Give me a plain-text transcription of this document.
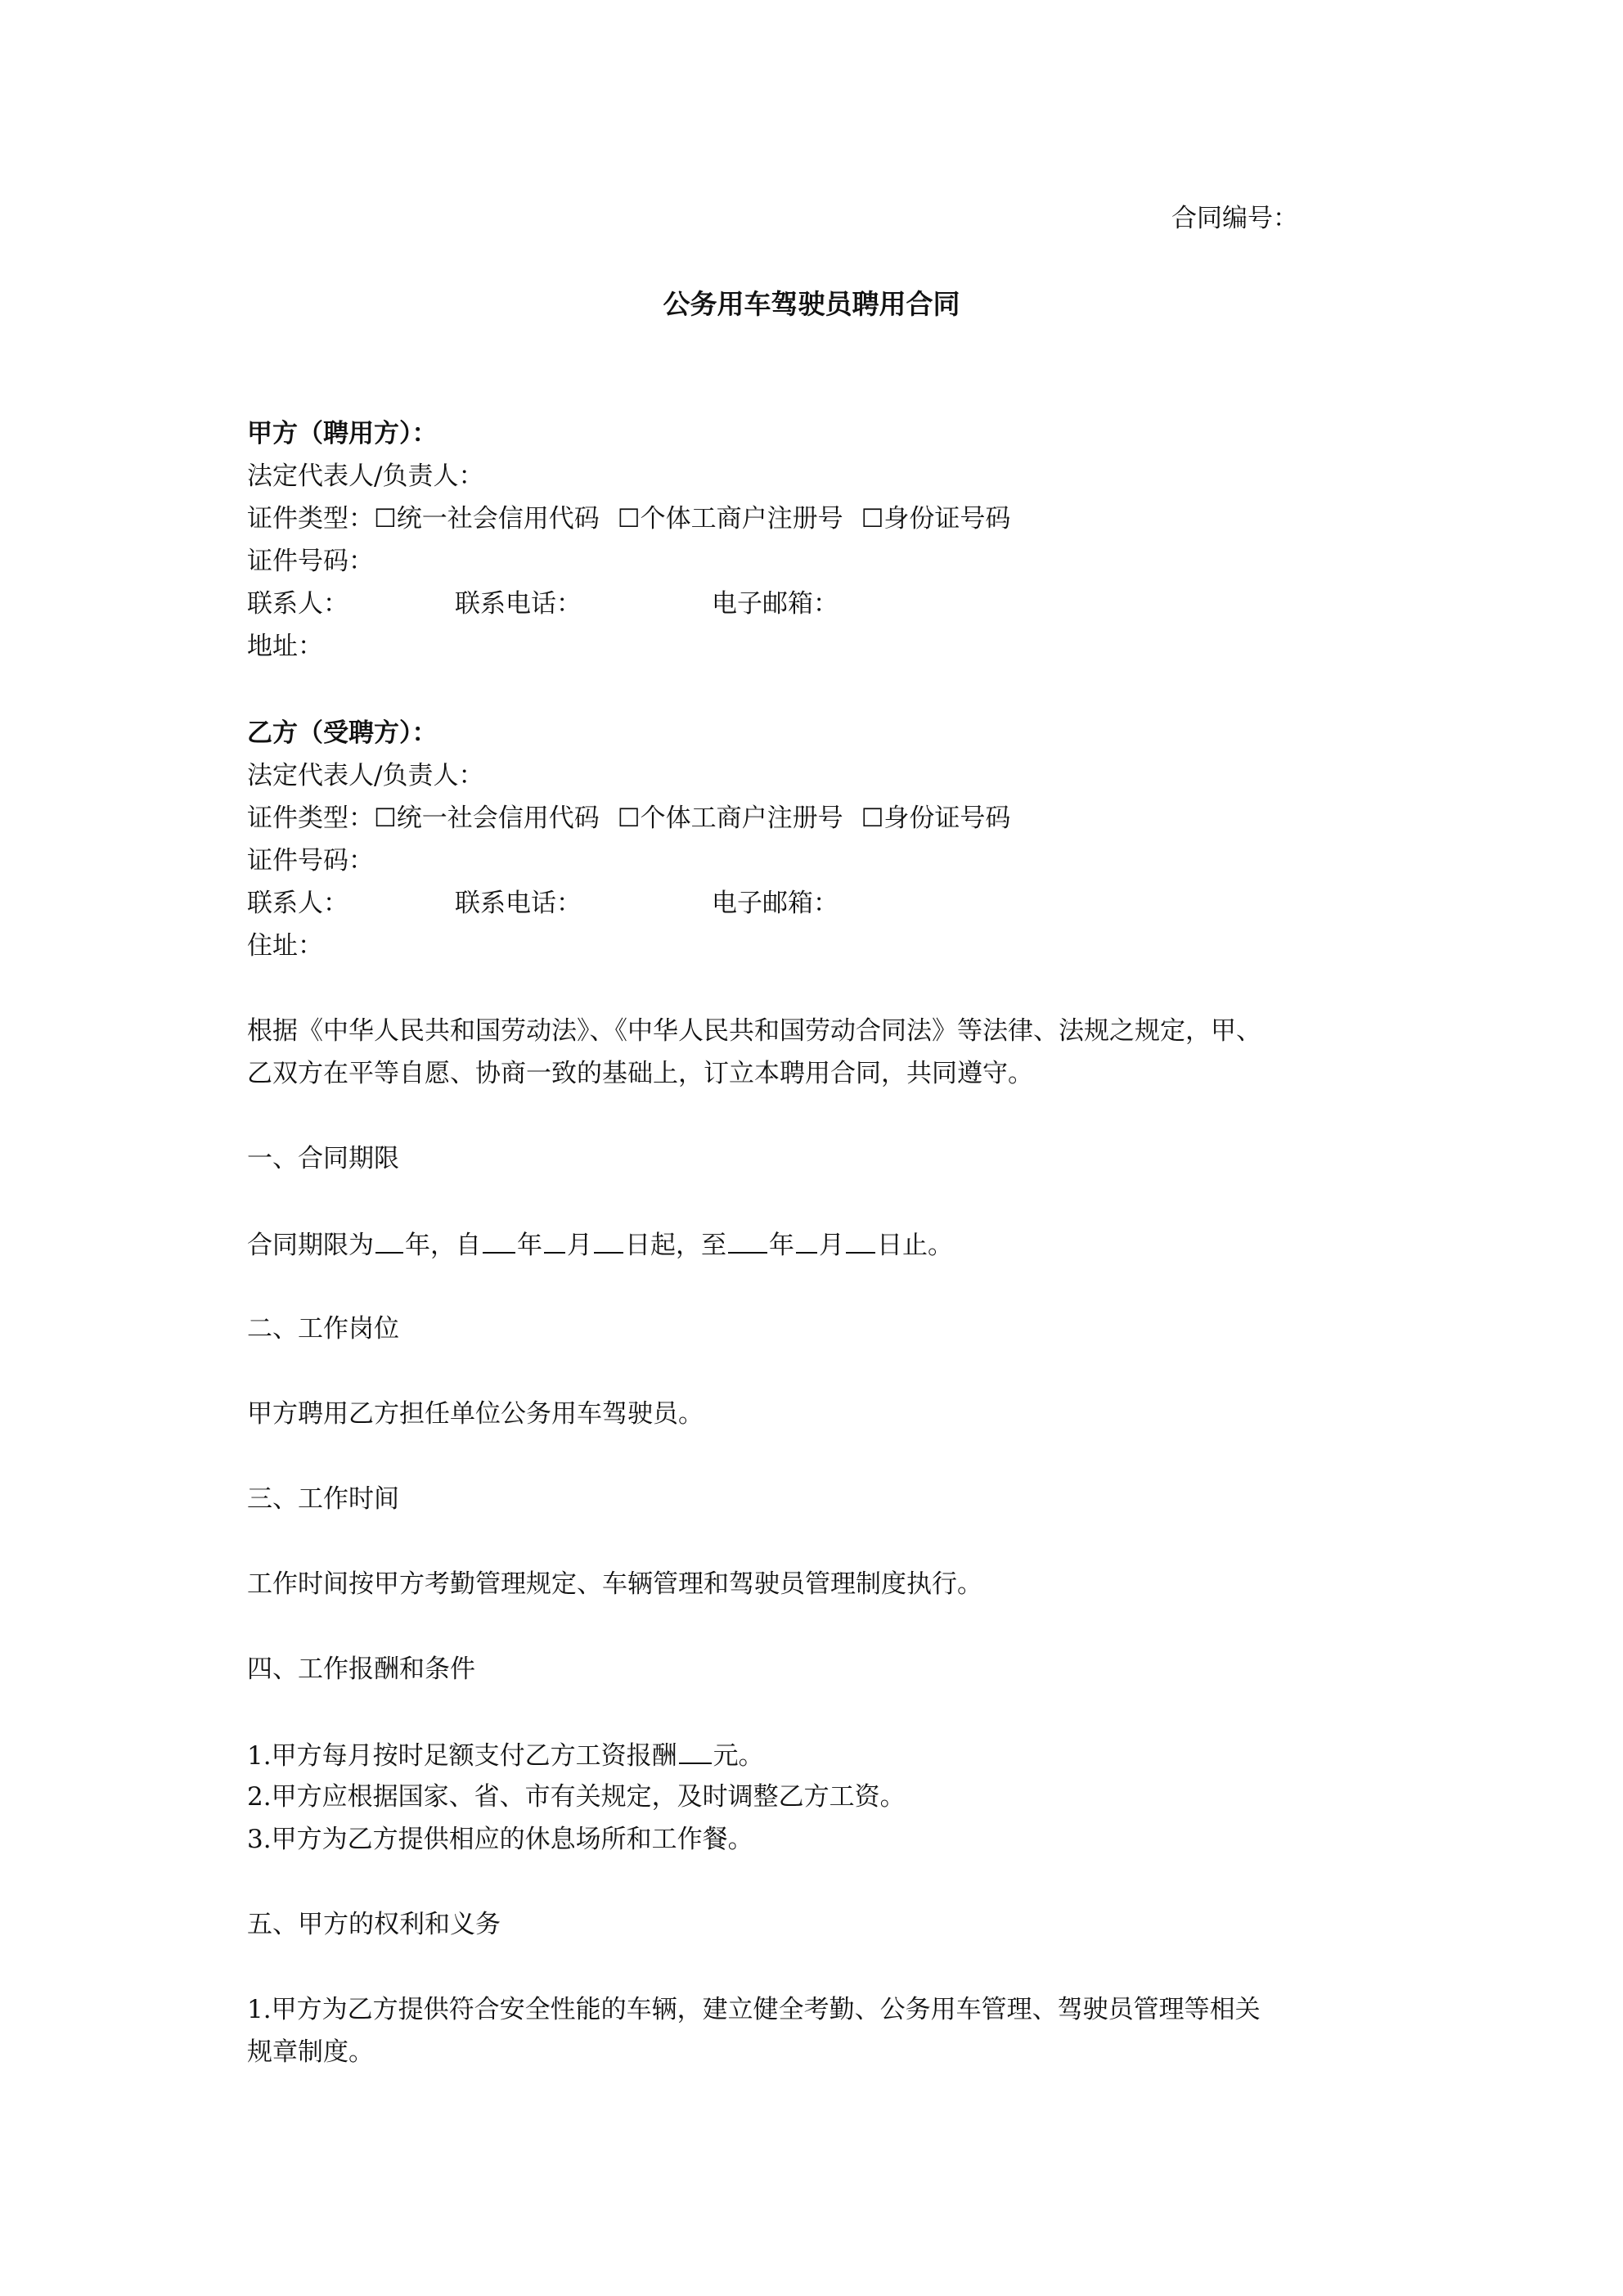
合同编号：
公务用车驾驶员聘用合同
甲方（聘用方）：
法定代表人/负责人：
证件类型：☐统一社会信用代码 ☐个体工商户注册号 ☐身份证号码
证件号码：
联系人：	联系电话：	电子邮箱：
地址：
乙方（受聘方）：
法定代表人/负责人：
证件类型：☐统一社会信用代码 ☐个体工商户注册号 ☐身份证号码
证件号码：
联系人：	联系电话：	电子邮箱：
住址：
根据《中华人民共和国劳动法》、《中华人民共和国劳动合同法》等法律、法规之规定，甲、
乙双方在平等自愿、协商一致的基础上，订立本聘用合同，共同遵守。
一、合同期限
合同期限为 年，自 年 月 日起，至 年 月 日止。
二、工作岗位
甲方聘用乙方担任单位公务用车驾驶员。
三、工作时间
工作时间按甲方考勤管理规定、车辆管理和驾驶员管理制度执行。
四、工作报酬和条件
1.甲方每月按时足额支付乙方工资报酬 元。
2.甲方应根据国家、省、市有关规定，及时调整乙方工资。
3.甲方为乙方提供相应的休息场所和工作餐。
五、甲方的权利和义务
1.甲方为乙方提供符合安全性能的车辆，建立健全考勤、公务用车管理、驾驶员管理等相关
规章制度。
